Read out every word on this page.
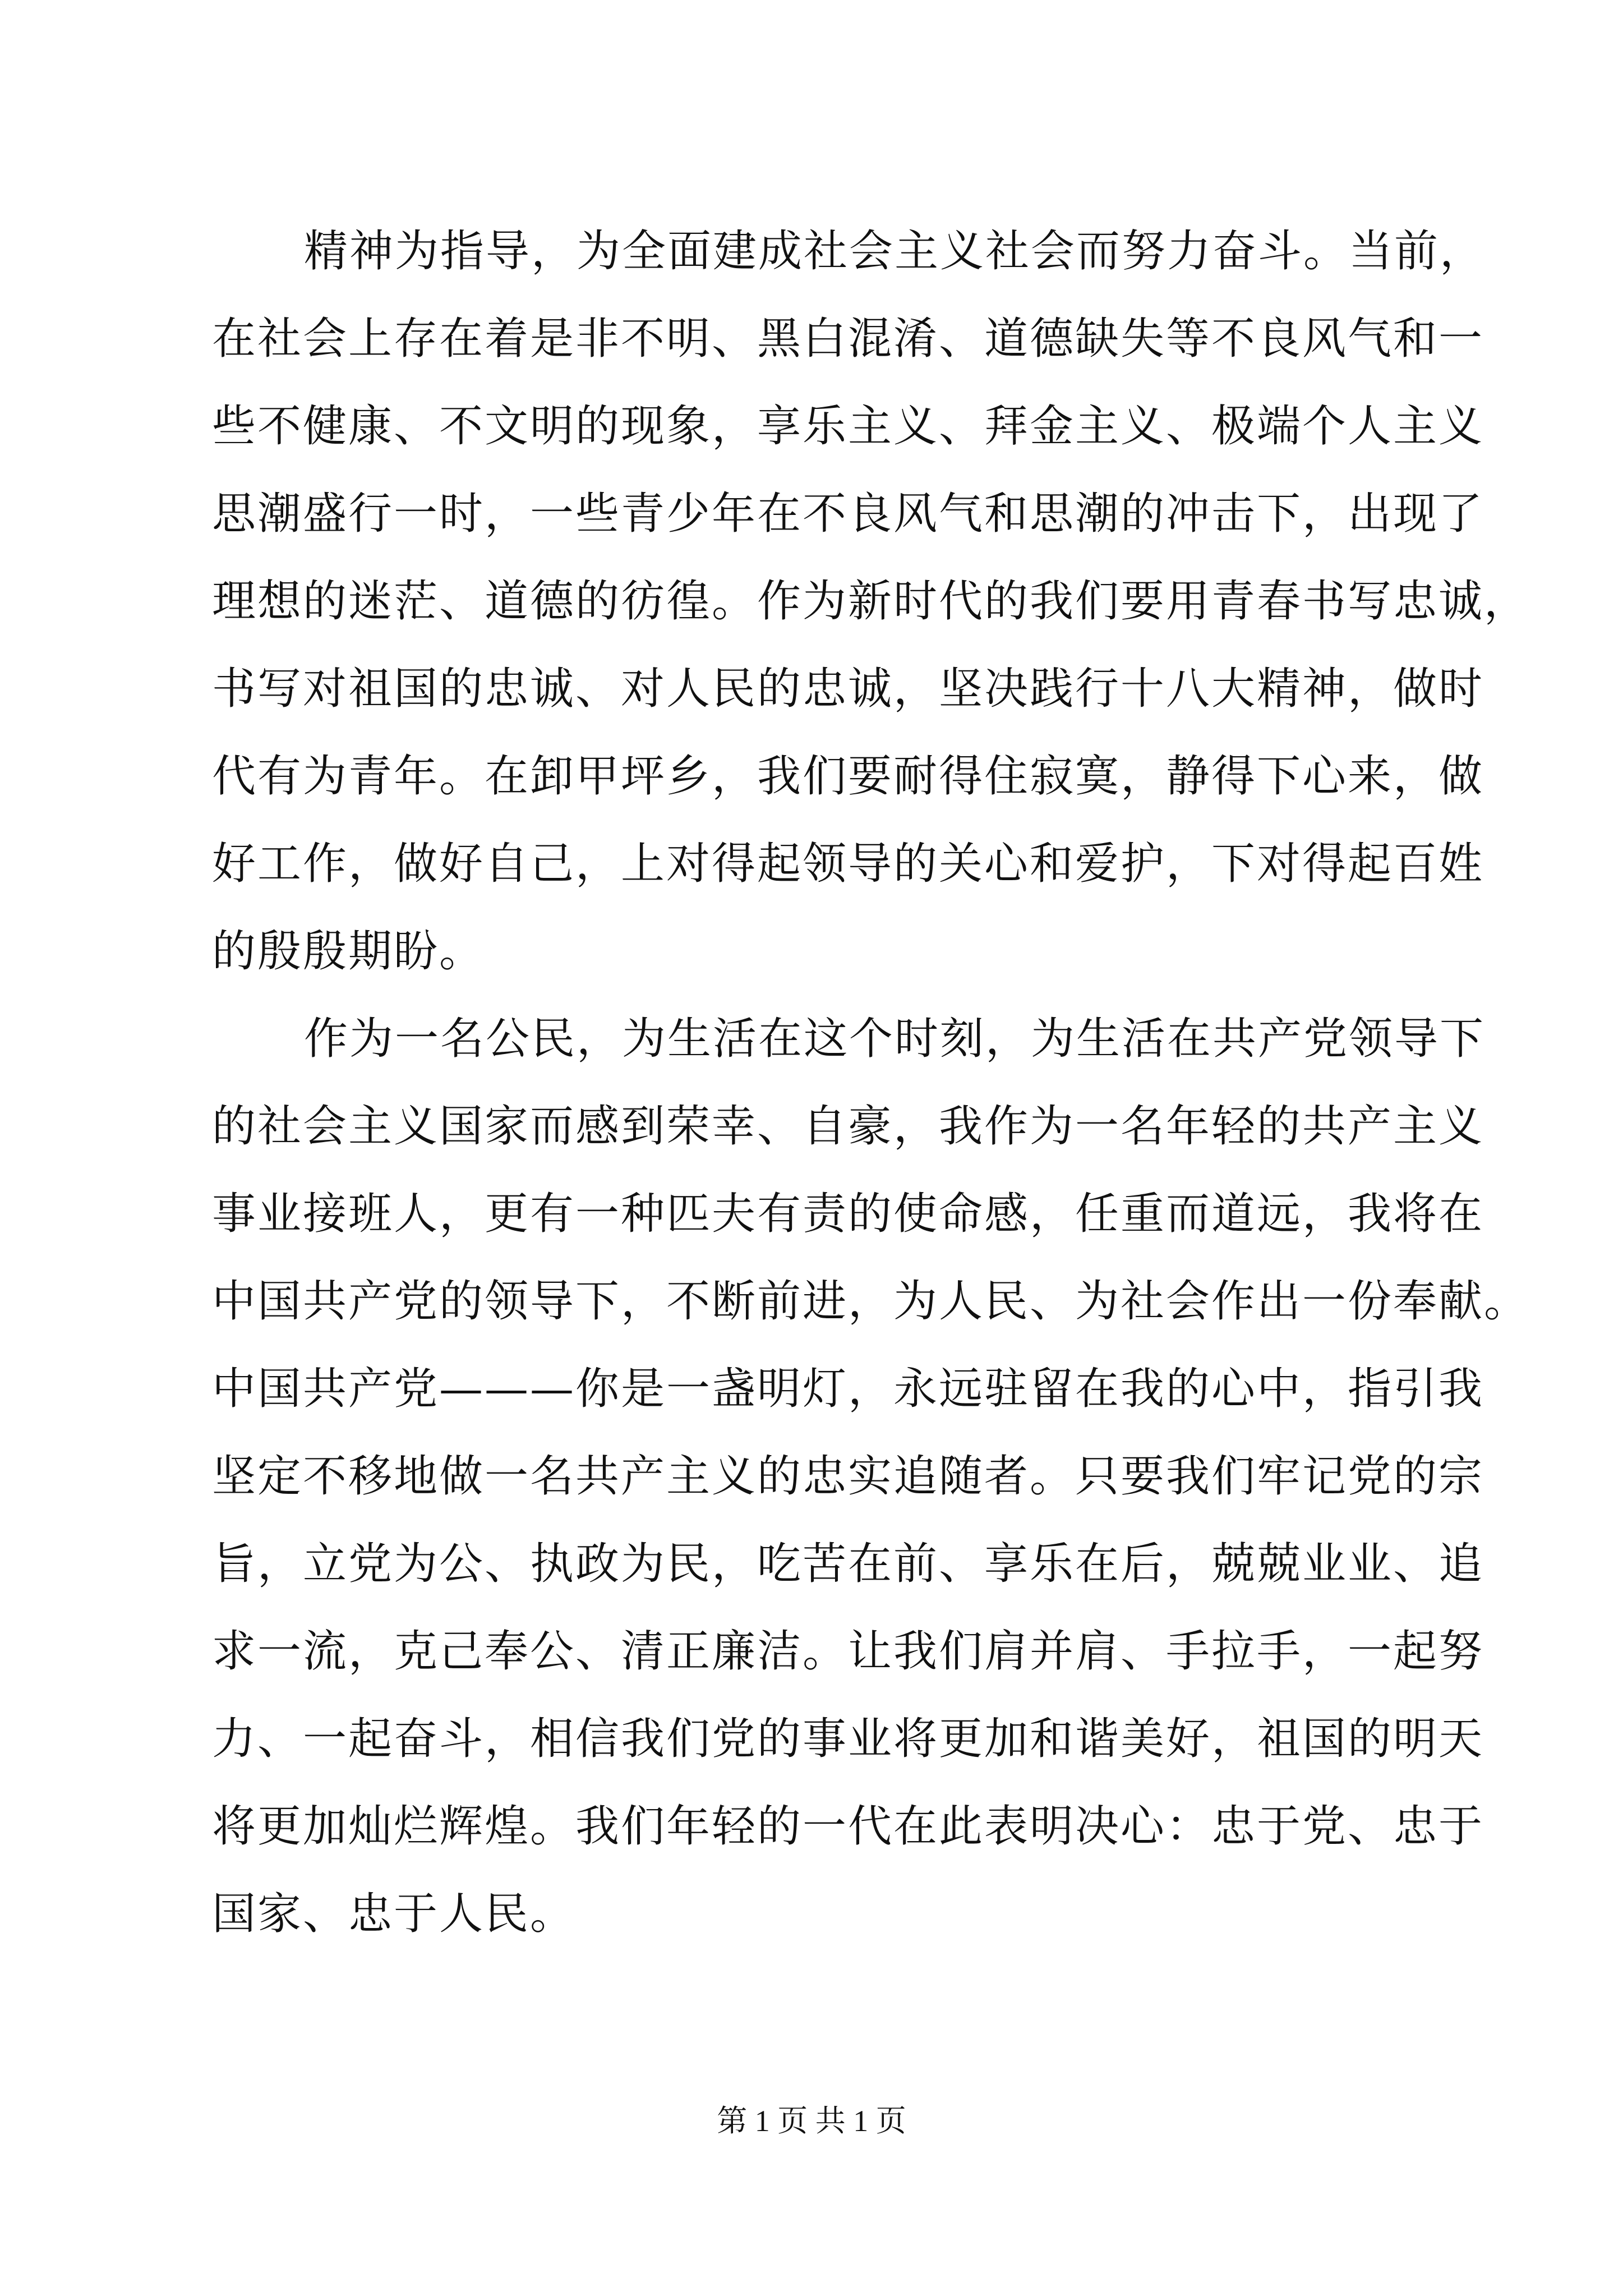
精神为指导，为全面建成社会主义社会而努力奋斗。当前，
在社会上存在着是非不明、黑白混淆、道德缺失等不良风气和一
些不健康、不文明的现象，享乐主义、拜金主义、极端个人主义
思潮盛行一时，一些青少年在不良风气和思潮的冲击下，出现了
理想的迷茫、道德的彷徨。作为新时代的我们要用青春书写忠诚，
书写对祖国的忠诚、对人民的忠诚，坚决践行十八大精神，做时
代有为青年。在卸甲坪乡，我们要耐得住寂寞，静得下心来，做
好工作，做好自己，上对得起领导的关心和爱护，下对得起百姓
的殷殷期盼。
作为一名公民，为生活在这个时刻，为生活在共产党领导下
的社会主义国家而感到荣幸、自豪，我作为一名年轻的共产主义
事业接班人，更有一种匹夫有责的使命感，任重而道远，我将在
中国共产党的领导下，不断前进，为人民、为社会作出一份奉献。
中国共产党———你是一盏明灯，永远驻留在我的心中，指引我
坚定不移地做一名共产主义的忠实追随者。只要我们牢记党的宗
旨，立党为公、执政为民，吃苦在前、享乐在后，兢兢业业、追
求一流，克己奉公、清正廉洁。让我们肩并肩、手拉手，一起努
力、一起奋斗，相信我们党的事业将更加和谐美好，祖国的明天
将更加灿烂辉煌。我们年轻的一代在此表明决心：忠于党、忠于
国家、忠于人民。
第 1 页 共 1 页
